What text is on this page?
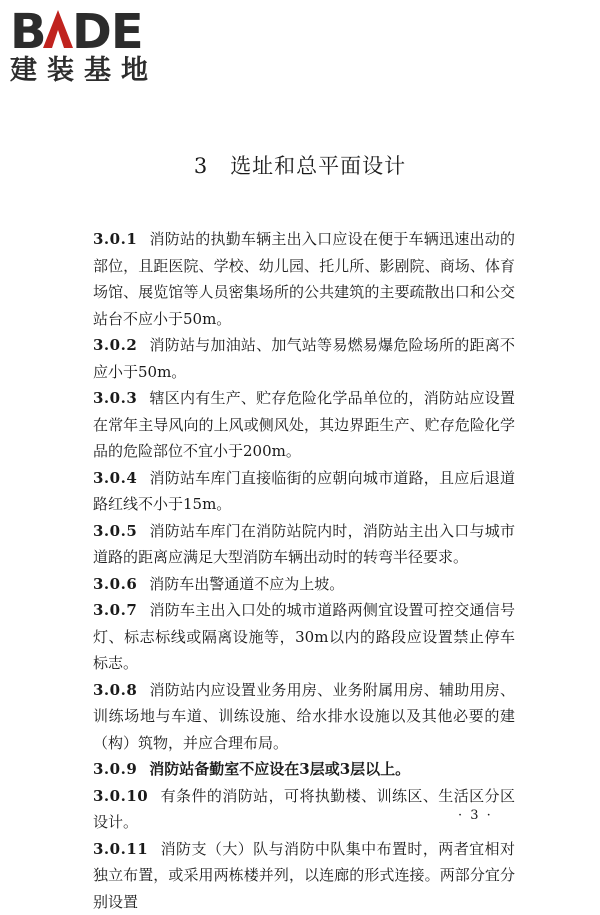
B DE
建装基地
3 选址和总平面设计

3.0.1 消防站的执勤车辆主出入口应设在便于车辆迅速出动的部位，且距医院、学校、幼儿园、托儿所、影剧院、商场、体育场馆、展览馆等人员密集场所的公共建筑的主要疏散出口和公交站台不应小于50m。

3.0.2 消防站与加油站、加气站等易燃易爆危险场所的距离不应小于50m。

3.0.3 辖区内有生产、贮存危险化学品单位的，消防站应设置在常年主导风向的上风或侧风处，其边界距生产、贮存危险化学品的危险部位不宜小于200m。

3.0.4 消防站车库门直接临街的应朝向城市道路，且应后退道路红线不小于15m。

3.0.5 消防站车库门在消防站院内时，消防站主出入口与城市道路的距离应满足大型消防车辆出动时的转弯半径要求。

3.0.6 消防车出警通道不应为上坡。

3.0.7 消防车主出入口处的城市道路两侧宜设置可控交通信号灯、标志标线或隔离设施等，30m以内的路段应设置禁止停车标志。

3.0.8 消防站内应设置业务用房、业务附属用房、辅助用房、训练场地与车道、训练设施、给水排水设施以及其他必要的建（构）筑物，并应合理布局。

3.0.9 消防站备勤室不应设在3层或3层以上。

3.0.10 有条件的消防站，可将执勤楼、训练区、生活区分区设计。

3.0.11 消防支（大）队与消防中队集中布置时，两者宜相对独立布置，或采用两栋楼并列，以连廊的形式连接。两部分宜分别设置

· 3 ·
